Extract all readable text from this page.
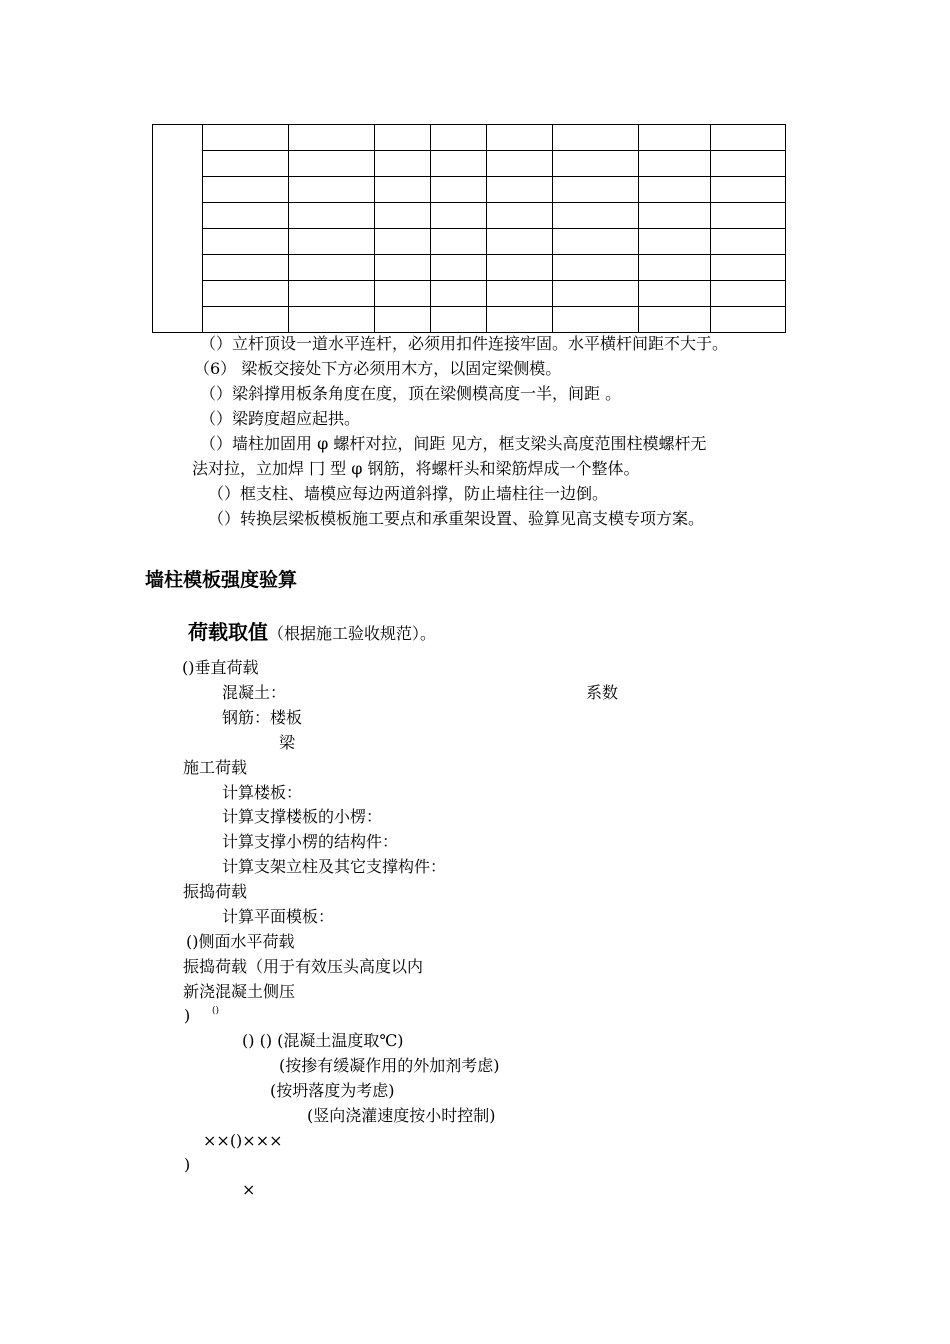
（）立杆顶设一道水平连杆，必须用扣件连接牢固。水平横杆间距不大于。
（6） 梁板交接处下方必须用木方，以固定梁侧模。
（）梁斜撑用板条角度在度，顶在梁侧模高度一半，间距 。
（）梁跨度超应起拱。
（）墙柱加固用 φ 螺杆对拉，间距 见方，框支梁头高度范围柱模螺杆无
法对拉，立加焊 冂 型 φ 钢筋，将螺杆头和梁筋焊成一个整体。
（）框支柱、墙模应每边两道斜撑，防止墙柱往一边倒。
（）转换层梁板模板施工要点和承重架设置、验算见高支模专项方案。
墙柱模板强度验算
荷载取值（根据施工验收规范）。
()垂直荷载
混凝土：	系数
钢筋：楼板
梁
施工荷载
计算楼板：
计算支撑楼板的小楞：
计算支撑小楞的结构件：
计算支架立柱及其它支撑构件：
振捣荷载
计算平面模板：
()侧面水平荷载
振捣荷载（用于有效压头高度以内
新浇混凝土侧压
) ()
() () (混凝土温度取℃)
(按掺有缓凝作用的外加剂考虑)
(按坍落度为考虑)
(竖向浇灌速度按小时控制)
××()×××
)
×
